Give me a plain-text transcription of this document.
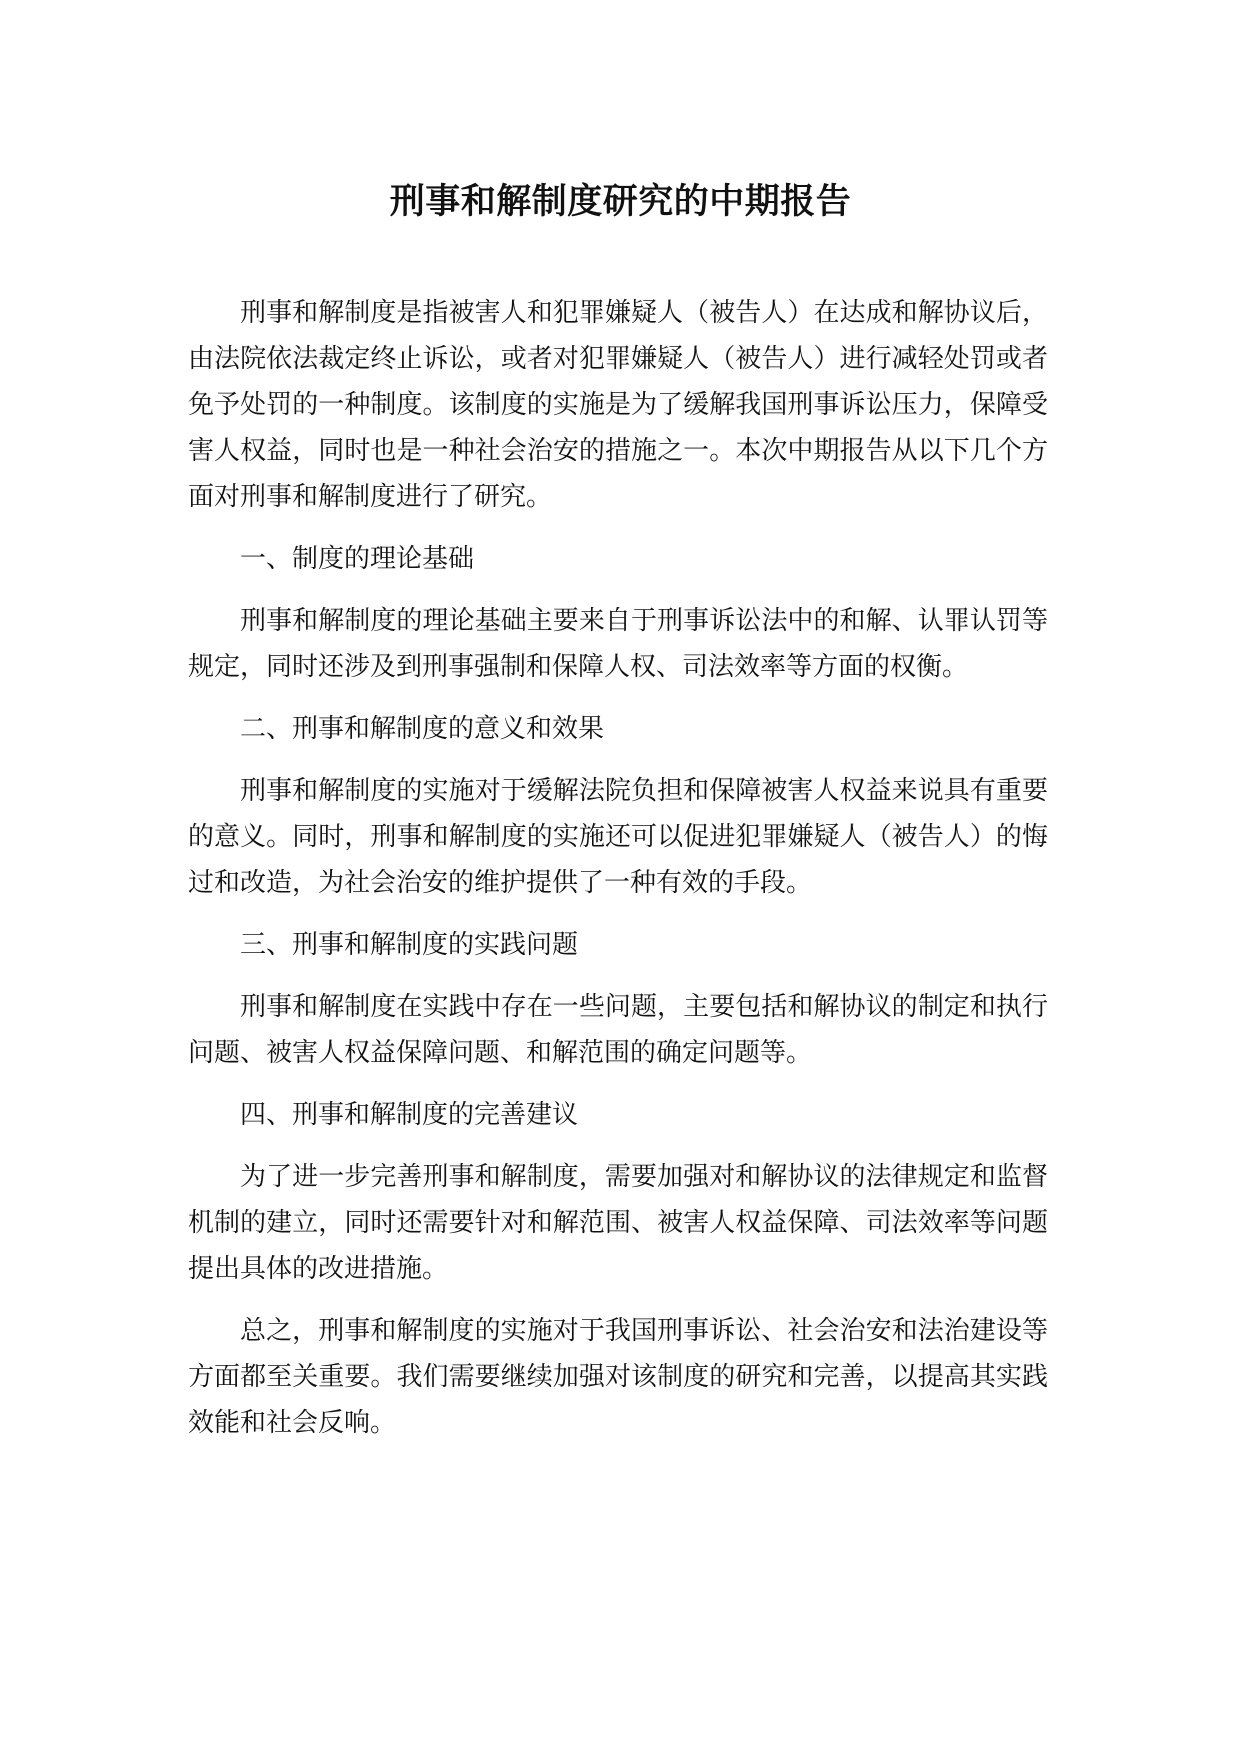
刑事和解制度研究的中期报告

刑事和解制度是指被害人和犯罪嫌疑人（被告人）在达成和解协议后，由法院依法裁定终止诉讼，或者对犯罪嫌疑人（被告人）进行减轻处罚或者免予处罚的一种制度。该制度的实施是为了缓解我国刑事诉讼压力，保障受害人权益，同时也是一种社会治安的措施之一。本次中期报告从以下几个方面对刑事和解制度进行了研究。

一、制度的理论基础

刑事和解制度的理论基础主要来自于刑事诉讼法中的和解、认罪认罚等规定，同时还涉及到刑事强制和保障人权、司法效率等方面的权衡。

二、刑事和解制度的意义和效果

刑事和解制度的实施对于缓解法院负担和保障被害人权益来说具有重要的意义。同时，刑事和解制度的实施还可以促进犯罪嫌疑人（被告人）的悔过和改造，为社会治安的维护提供了一种有效的手段。

三、刑事和解制度的实践问题

刑事和解制度在实践中存在一些问题，主要包括和解协议的制定和执行问题、被害人权益保障问题、和解范围的确定问题等。

四、刑事和解制度的完善建议

为了进一步完善刑事和解制度，需要加强对和解协议的法律规定和监督机制的建立，同时还需要针对和解范围、被害人权益保障、司法效率等问题提出具体的改进措施。

总之，刑事和解制度的实施对于我国刑事诉讼、社会治安和法治建设等方面都至关重要。我们需要继续加强对该制度的研究和完善，以提高其实践效能和社会反响。
